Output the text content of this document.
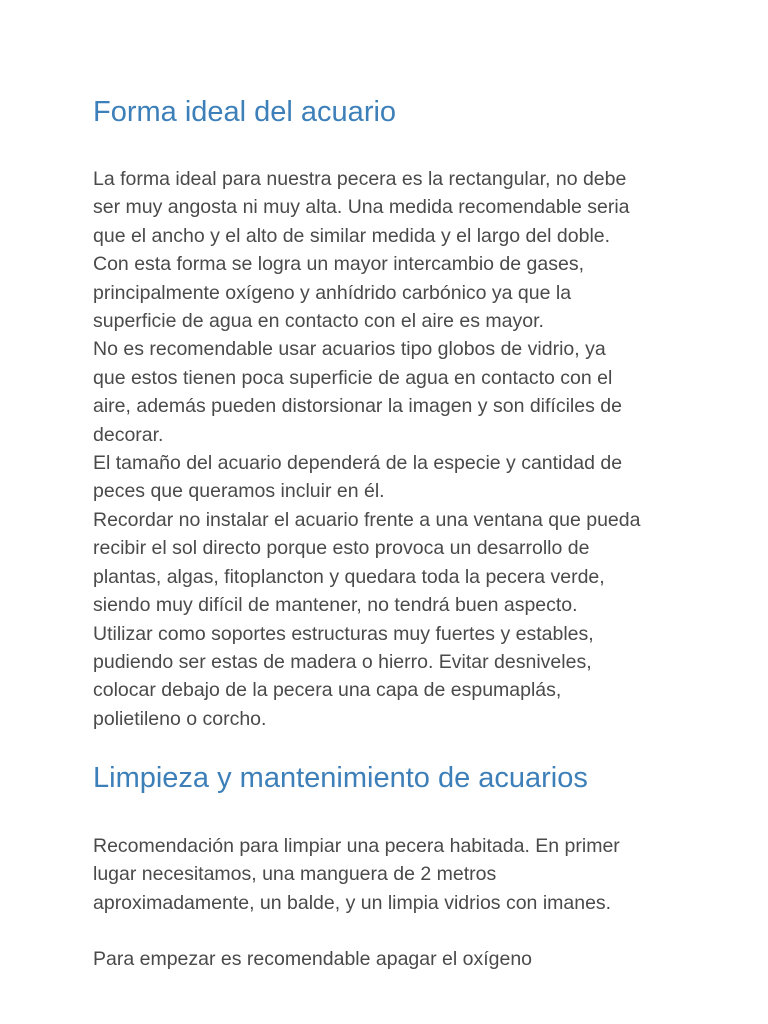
Forma ideal del acuario
La forma ideal para nuestra pecera es la rectangular, no debe
ser muy angosta ni muy alta. Una medida recomendable seria
que el ancho y el alto de similar medida y el largo del doble.
Con esta forma se logra un mayor intercambio de gases,
principalmente oxígeno y anhídrido carbónico ya que la
superficie de agua en contacto con el aire es mayor.
No es recomendable usar acuarios tipo globos de vidrio, ya
que estos tienen poca superficie de agua en contacto con el
aire, además pueden distorsionar la imagen y son difíciles de
decorar.
El tamaño del acuario dependerá de la especie y cantidad de
peces que queramos incluir en él.
Recordar no instalar el acuario frente a una ventana que pueda
recibir el sol directo porque esto provoca un desarrollo de
plantas, algas, fitoplancton y quedara toda la pecera verde,
siendo muy difícil de mantener, no tendrá buen aspecto.
Utilizar como soportes estructuras muy fuertes y estables,
pudiendo ser estas de madera o hierro. Evitar desniveles,
colocar debajo de la pecera una capa de espumaplás,
polietileno o corcho.
Limpieza y mantenimiento de acuarios
Recomendación para limpiar una pecera habitada. En primer
lugar necesitamos, una manguera de 2 metros
aproximadamente, un balde, y un limpia vidrios con imanes.
Para empezar es recomendable apagar el oxígeno
